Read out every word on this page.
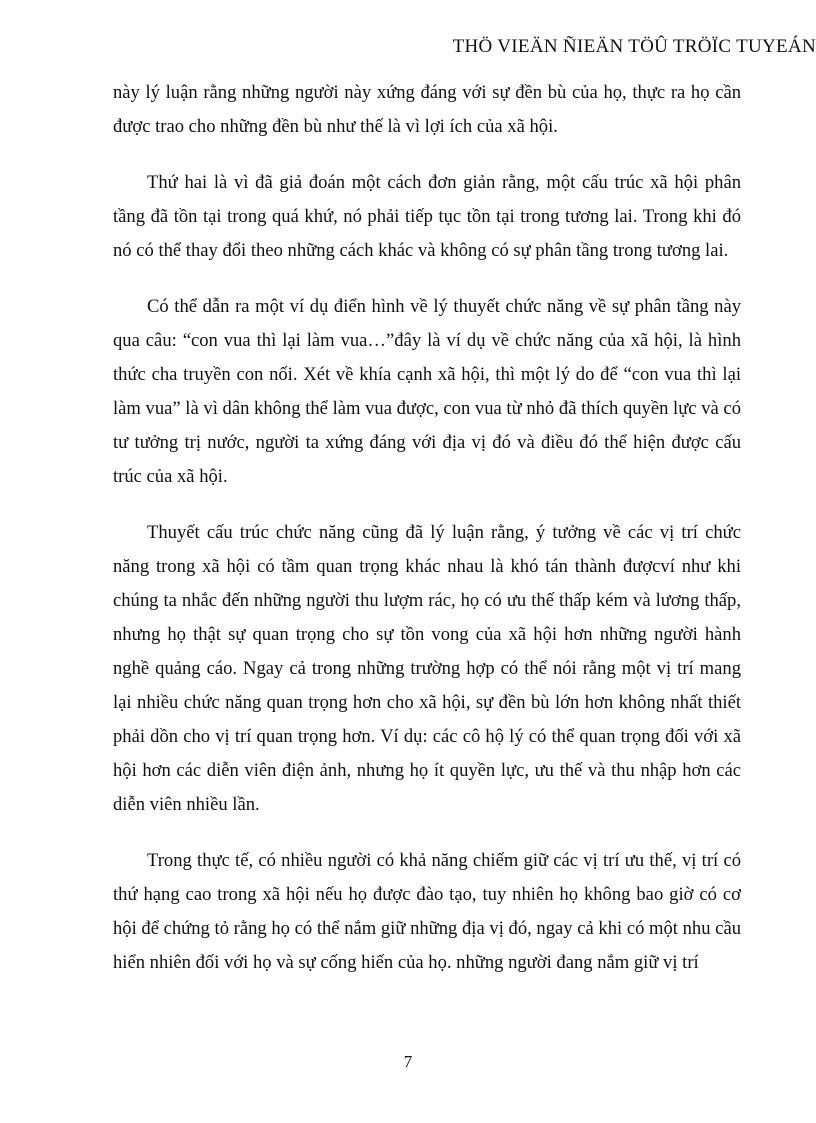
THÖ VIEÄN ÑIEÄN TÖÛ TRÖÏC TUYEÁN

này lý luận rằng những người này xứng đáng với sự đền bù của họ, thực ra họ cần được trao cho những đền bù như thế là vì lợi ích của xã hội.

Thứ hai là vì đã giả đoán một cách đơn giản rằng, một cấu trúc xã hội phân tầng đã tồn tại trong quá khứ, nó phải tiếp tục tồn tại trong tương lai. Trong khi đó nó có thể thay đổi theo những cách khác và không có sự phân tầng trong tương lai.

Có thể dẫn ra một ví dụ điển hình về lý thuyết chức năng về sự phân tầng này qua câu: “con vua thì lại làm vua…”đây là ví dụ về chức năng của xã hội, là hình thức cha truyền con nối. Xét về khía cạnh xã hội, thì một lý do để “con vua thì lại làm vua” là vì dân không thể làm vua được, con vua từ nhỏ đã thích quyền lực và có tư tưởng trị nước, người ta xứng đáng với địa vị đó và điều đó thể hiện được cấu trúc của xã hội.

Thuyết cấu trúc chức năng cũng đã lý luận rằng, ý tưởng về các vị trí chức năng trong xã hội có tầm quan trọng khác nhau là khó tán thành đượcví như khi chúng ta nhắc đến những người thu lượm rác, họ có ưu thế thấp kém và lương thấp, nhưng họ thật sự quan trọng cho sự tồn vong của xã hội hơn những người hành nghề quảng cáo. Ngay cả trong những trường hợp có thể nói rằng một vị trí mang lại nhiều chức năng quan trọng hơn cho xã hội, sự đền bù lớn hơn không nhất thiết phải dồn cho vị trí quan trọng hơn. Ví dụ: các cô hộ lý có thể quan trọng đối với xã hội hơn các diễn viên điện ảnh, nhưng họ ít quyền lực, ưu thế và thu nhập hơn các diễn viên nhiều lần.

Trong thực tế, có nhiều người có khả năng chiếm giữ các vị trí ưu thế, vị trí có thứ hạng cao trong xã hội nếu họ được đào tạo, tuy nhiên họ không bao giờ có cơ hội để chứng tỏ rằng họ có thể nắm giữ những địa vị đó, ngay cả khi có một nhu cầu hiển nhiên đối với họ và sự cống hiến của họ. những người đang nắm giữ vị trí

7
